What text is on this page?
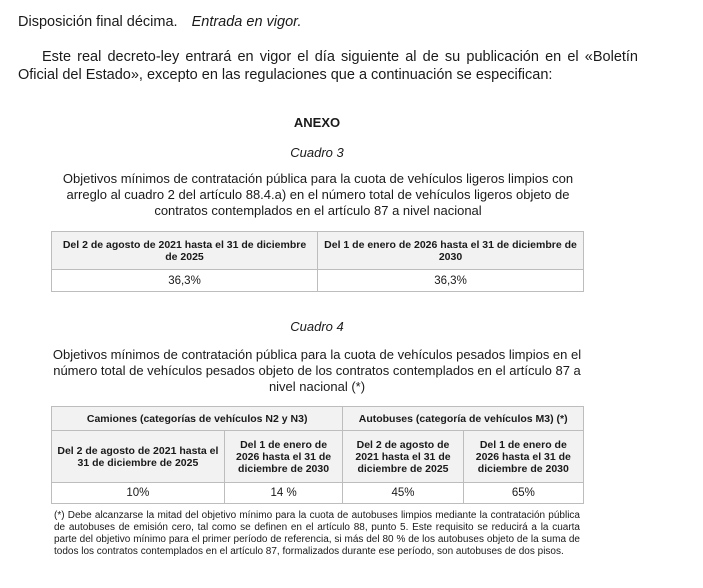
Disposición final décima. Entrada en vigor.
Este real decreto-ley entrará en vigor el día siguiente al de su publicación en el «Boletín Oficial del Estado», excepto en las regulaciones que a continuación se especifican:
ANEXO
Cuadro 3
Objetivos mínimos de contratación pública para la cuota de vehículos ligeros limpios con arreglo al cuadro 2 del artículo 88.4.a) en el número total de vehículos ligeros objeto de contratos contemplados en el artículo 87 a nivel nacional
Del 2 de agosto de 2021 hasta el 31 de diciembre de 2025	Del 1 de enero de 2026 hasta el 31 de diciembre de 2030
36,3%	36,3%
Cuadro 4
Objetivos mínimos de contratación pública para la cuota de vehículos pesados limpios en el número total de vehículos pesados objeto de los contratos contemplados en el artículo 87 a nivel nacional (*)
Camiones (categorías de vehículos N2 y N3)		Autobuses (categoría de vehículos M3) (*)	
Del 2 de agosto de 2021 hasta el 31 de diciembre de 2025	Del 1 de enero de 2026 hasta el 31 de diciembre de 2030	Del 2 de agosto de 2021 hasta el 31 de diciembre de 2025	Del 1 de enero de 2026 hasta el 31 de diciembre de 2030
10%	14 %	45%	65%
(*) Debe alcanzarse la mitad del objetivo mínimo para la cuota de autobuses limpios mediante la contratación pública de autobuses de emisión cero, tal como se definen en el artículo 88, punto 5. Este requisito se reducirá a la cuarta parte del objetivo mínimo para el primer período de referencia, si más del 80 % de los autobuses objeto de la suma de todos los contratos contemplados en el artículo 87, formalizados durante ese período, son autobuses de dos pisos.
